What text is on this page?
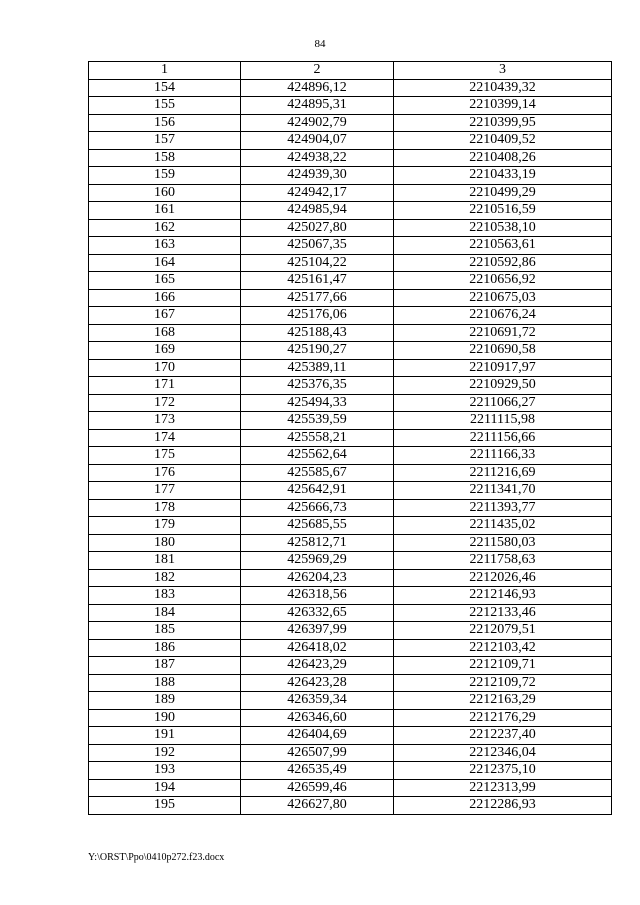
84
1	2	3
154	424896,12	2210439,32
155	424895,31	2210399,14
156	424902,79	2210399,95
157	424904,07	2210409,52
158	424938,22	2210408,26
159	424939,30	2210433,19
160	424942,17	2210499,29
161	424985,94	2210516,59
162	425027,80	2210538,10
163	425067,35	2210563,61
164	425104,22	2210592,86
165	425161,47	2210656,92
166	425177,66	2210675,03
167	425176,06	2210676,24
168	425188,43	2210691,72
169	425190,27	2210690,58
170	425389,11	2210917,97
171	425376,35	2210929,50
172	425494,33	2211066,27
173	425539,59	2211115,98
174	425558,21	2211156,66
175	425562,64	2211166,33
176	425585,67	2211216,69
177	425642,91	2211341,70
178	425666,73	2211393,77
179	425685,55	2211435,02
180	425812,71	2211580,03
181	425969,29	2211758,63
182	426204,23	2212026,46
183	426318,56	2212146,93
184	426332,65	2212133,46
185	426397,99	2212079,51
186	426418,02	2212103,42
187	426423,29	2212109,71
188	426423,28	2212109,72
189	426359,34	2212163,29
190	426346,60	2212176,29
191	426404,69	2212237,40
192	426507,99	2212346,04
193	426535,49	2212375,10
194	426599,46	2212313,99
195	426627,80	2212286,93
Y:\ORST\Ppo\0410p272.f23.docx
